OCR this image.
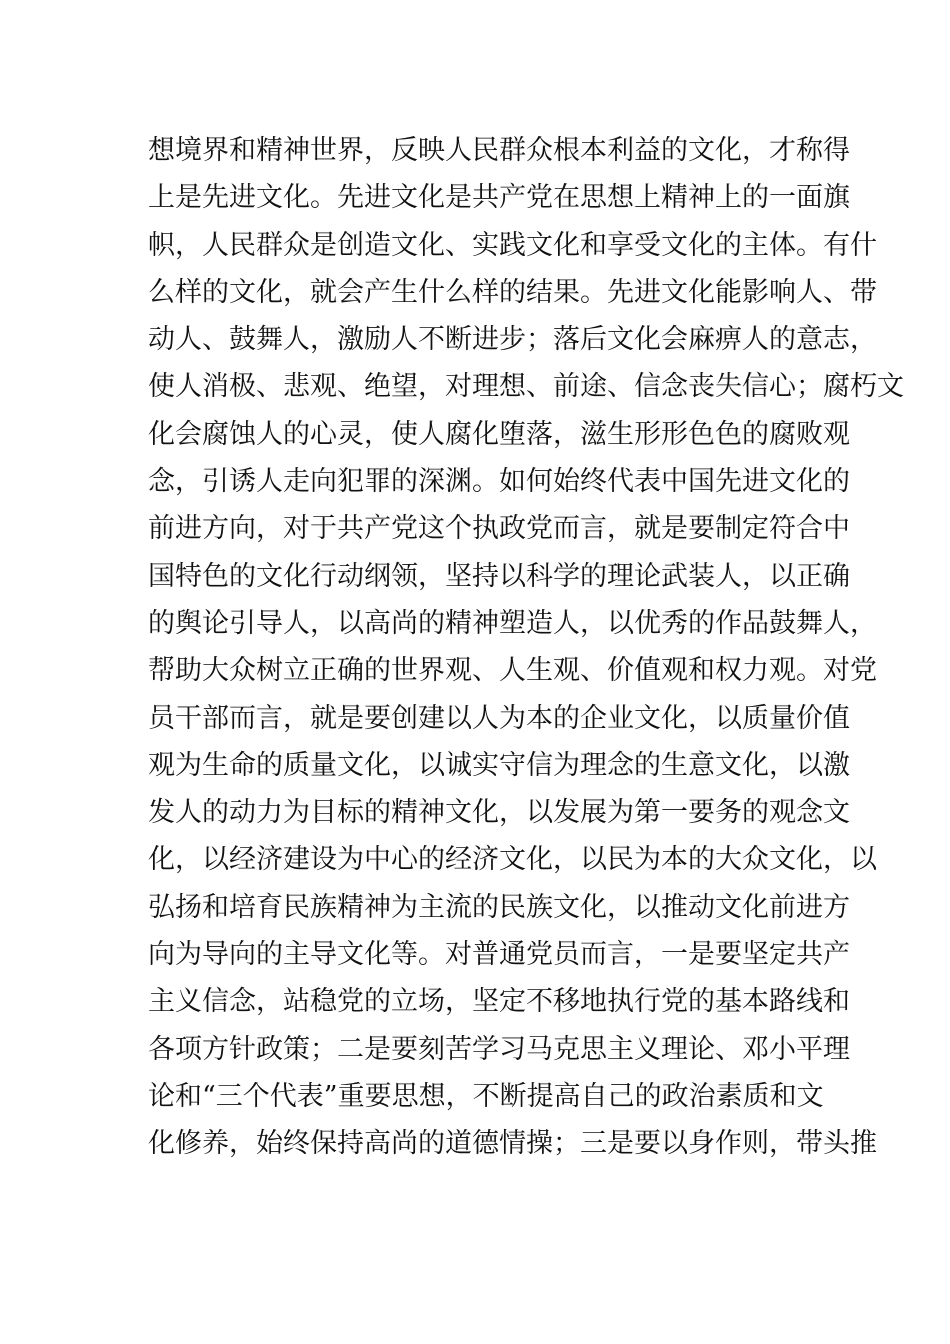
想境界和精神世界，反映人民群众根本利益的文化，才称得
上是先进文化。先进文化是共产党在思想上精神上的一面旗
帜，人民群众是创造文化、实践文化和享受文化的主体。有什
么样的文化，就会产生什么样的结果。先进文化能影响人、带
动人、鼓舞人，激励人不断进步；落后文化会麻痹人的意志，
使人消极、悲观、绝望，对理想、前途、信念丧失信心；腐朽文
化会腐蚀人的心灵，使人腐化堕落，滋生形形色色的腐败观
念，引诱人走向犯罪的深渊。如何始终代表中国先进文化的
前进方向，对于共产党这个执政党而言，就是要制定符合中
国特色的文化行动纲领，坚持以科学的理论武装人，以正确
的舆论引导人，以高尚的精神塑造人，以优秀的作品鼓舞人，
帮助大众树立正确的世界观、人生观、价值观和权力观。对党
员干部而言，就是要创建以人为本的企业文化，以质量价值
观为生命的质量文化，以诚实守信为理念的生意文化，以激
发人的动力为目标的精神文化，以发展为第一要务的观念文
化，以经济建设为中心的经济文化，以民为本的大众文化，以
弘扬和培育民族精神为主流的民族文化，以推动文化前进方
向为导向的主导文化等。对普通党员而言，一是要坚定共产
主义信念，站稳党的立场，坚定不移地执行党的基本路线和
各项方针政策；二是要刻苦学习马克思主义理论、邓小平理
论和“三个代表”重要思想，不断提高自己的政治素质和文
化修养，始终保持高尚的道德情操；三是要以身作则，带头推
